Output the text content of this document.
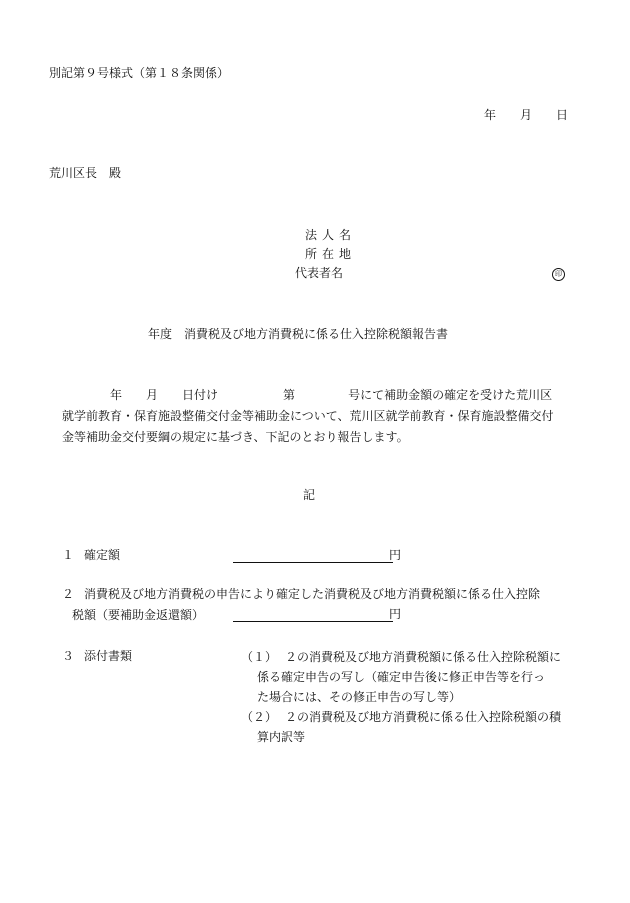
別記第９号様式（第１８条関係）
年 月 日
荒川区長 殿
法人名
所在地
代表者名	印
年度 消費税及び地方消費税に係る仕入控除税額報告書
年 月 日付け	第	号にて補助金額の確定を受けた荒川区
就学前教育・保育施設整備交付金等補助金について、荒川区就学前教育・保育施設整備交付
金等補助金交付要綱の規定に基づき、下記のとおり報告します。
記
１ 確定額	円
２ 消費税及び地方消費税の申告により確定した消費税及び地方消費税額に係る仕入控除
税額（要補助金返還額）	円
３ 添付書類	（１） ２の消費税及び地方消費税額に係る仕入控除税額に
係る確定申告の写し（確定申告後に修正申告等を行っ
た場合には、その修正申告の写し等）
（２） ２の消費税及び地方消費税に係る仕入控除税額の積
算内訳等
